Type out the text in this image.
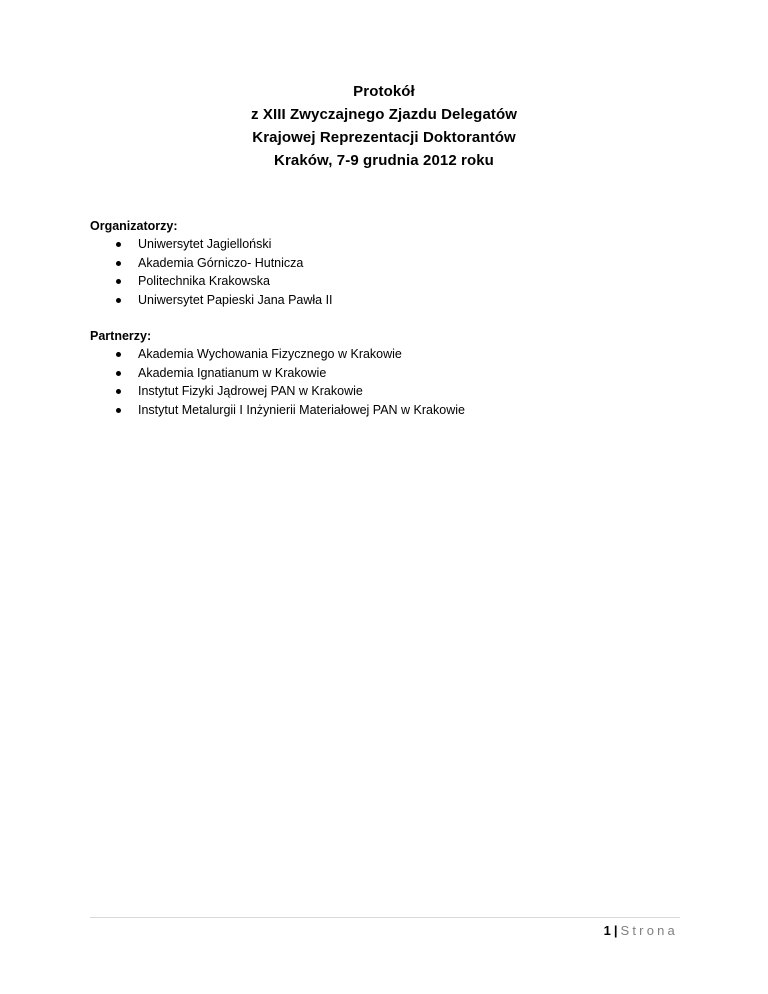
Protokół
z XIII Zwyczajnego Zjazdu Delegatów
Krajowej Reprezentacji Doktorantów
Kraków, 7-9 grudnia 2012 roku
Organizatorzy:
Uniwersytet Jagielloński
Akademia Górniczo- Hutnicza
Politechnika Krakowska
Uniwersytet Papieski Jana Pawła II
Partnerzy:
Akademia Wychowania Fizycznego w Krakowie
Akademia Ignatianum w Krakowie
Instytut Fizyki Jądrowej PAN w Krakowie
Instytut Metalurgii I Inżynierii Materiałowej PAN w Krakowie
1 | Strona
